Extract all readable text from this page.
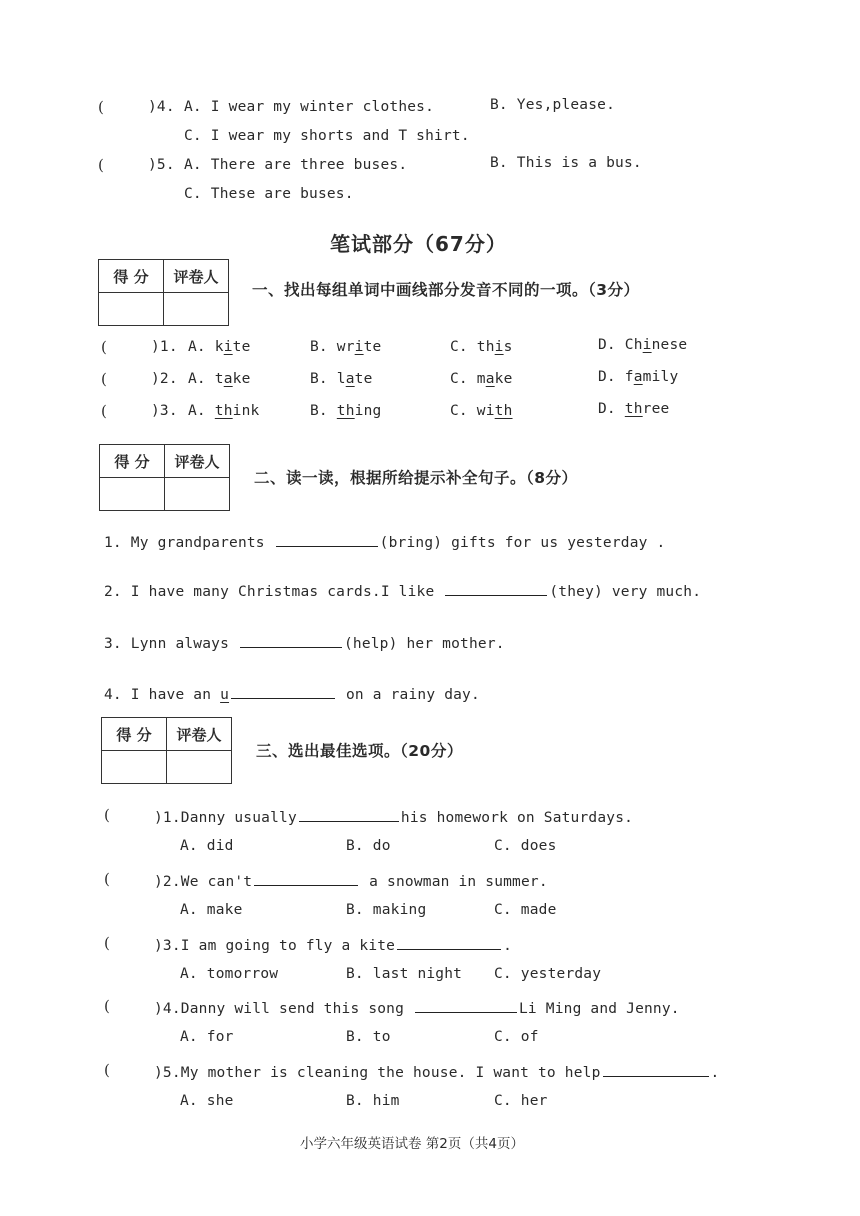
(	)4. A. I wear my winter clothes.	B. Yes,please.
C. I wear my shorts and T shirt.
(	)5. A. There are three buses.	B. This is a bus.
C. These are buses.
笔试部分（67分）
得 分	评卷人

一、找出每组单词中画线部分发音不同的一项。（3分）
(	)1. A. kite	B. write	C. this	D. Chinese
(	)2. A. take	B. late	C. make	D. family
(	)3. A. think	B. thing	C. with	D. three
得 分	评卷人

二、读一读，根据所给提示补全句子。（8分）
1. My grandparents	(bring) gifts for us yesterday .
2. I have many Christmas cards.I like	(they) very much.
3. Lynn always	(help) her mother.
4. I have an u	on a rainy day.
得 分	评卷人

三、选出最佳选项。（20分）
(	)1.Danny usually	his homework on Saturdays.
A. did	B. do	C. does
(	)2.We can't	a snowman in summer.
A. make	B. making	C. made
(	)3.I am going to fly a kite	.
A. tomorrow	B. last night C. yesterday
(	)4.Danny will send this song	Li Ming and Jenny.
A. for	B. to	C. of
(	)5.My mother is cleaning the house. I want to help	.
A. she	B. him	C. her
小学六年级英语试卷 第2页（共4页）
